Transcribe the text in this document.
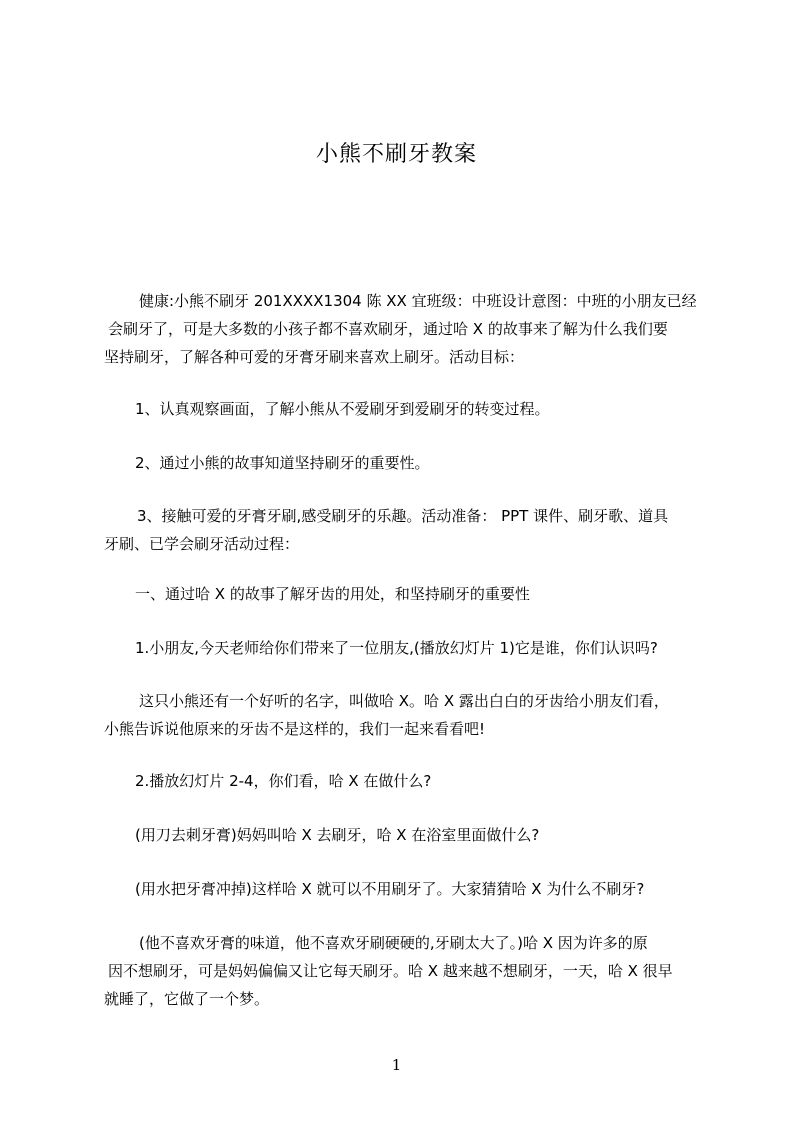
小熊不刷牙教案
健康:小熊不刷牙 201XXXX1304 陈 XX 宜班级：中班设计意图：中班的小朋友已经
会刷牙了，可是大多数的小孩子都不喜欢刷牙，通过哈 X 的故事来了解为什么我们要
坚持刷牙，了解各种可爱的牙膏牙刷来喜欢上刷牙。活动目标：
1、认真观察画面，了解小熊从不爱刷牙到爱刷牙的转变过程。
2、通过小熊的故事知道坚持刷牙的重要性。
3、接触可爱的牙膏牙刷,感受刷牙的乐趣。活动准备： PPT 课件、刷牙歌、道具
牙刷、已学会刷牙活动过程：
一、通过哈 X 的故事了解牙齿的用处，和坚持刷牙的重要性
1.小朋友,今天老师给你们带来了一位朋友,(播放幻灯片 1)它是谁，你们认识吗?
这只小熊还有一个好听的名字，叫做哈 X。哈 X 露出白白的牙齿给小朋友们看，
小熊告诉说他原来的牙齿不是这样的，我们一起来看看吧!
2.播放幻灯片 2-4，你们看，哈 X 在做什么?
(用刀去刺牙膏)妈妈叫哈 X 去刷牙，哈 X 在浴室里面做什么?
(用水把牙膏冲掉)这样哈 X 就可以不用刷牙了。大家猜猜哈 X 为什么不刷牙?
(他不喜欢牙膏的味道，他不喜欢牙刷硬硬的,牙刷太大了。)哈 X 因为许多的原
因不想刷牙，可是妈妈偏偏又让它每天刷牙。哈 X 越来越不想刷牙，一天，哈 X 很早
就睡了，它做了一个梦。
1
